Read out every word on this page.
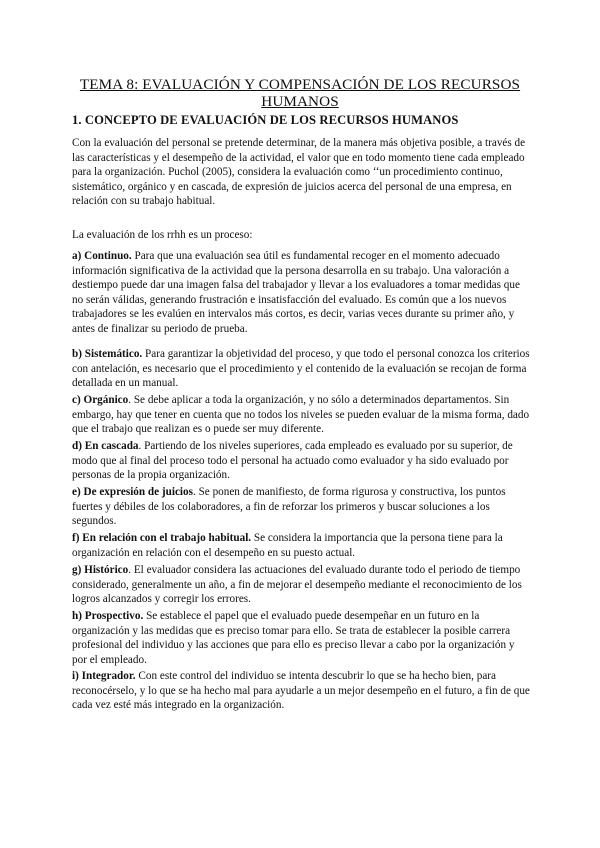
TEMA 8: EVALUACIÓN Y COMPENSACIÓN DE LOS RECURSOS HUMANOS
1. CONCEPTO DE EVALUACIÓN DE LOS RECURSOS HUMANOS

Con la evaluación del personal se pretende determinar, de la manera más objetiva posible, a través de las características y el desempeño de la actividad, el valor que en todo momento tiene cada empleado para la organización. Puchol (2005), considera la evaluación como ‘‘un procedimiento continuo, sistemático, orgánico y en cascada, de expresión de juicios acerca del personal de una empresa, en relación con su trabajo habitual.

La evaluación de los rrhh es un proceso:

a) Continuo. Para que una evaluación sea útil es fundamental recoger en el momento adecuado información significativa de la actividad que la persona desarrolla en su trabajo. Una valoración a destiempo puede dar una imagen falsa del trabajador y llevar a los evaluadores a tomar medidas que no serán válidas, generando frustración e insatisfacción del evaluado. Es común que a los nuevos trabajadores se les evalúen en intervalos más cortos, es decir, varias veces durante su primer año, y antes de finalizar su periodo de prueba.

b) Sistemático. Para garantizar la objetividad del proceso, y que todo el personal conozca los criterios con antelación, es necesario que el procedimiento y el contenido de la evaluación se recojan de forma detallada en un manual.

c) Orgánico. Se debe aplicar a toda la organización, y no sólo a determinados departamentos. Sin embargo, hay que tener en cuenta que no todos los niveles se pueden evaluar de la misma forma, dado que el trabajo que realizan es o puede ser muy diferente.

d) En cascada. Partiendo de los niveles superiores, cada empleado es evaluado por su superior, de modo que al final del proceso todo el personal ha actuado como evaluador y ha sido evaluado por personas de la propia organización.

e) De expresión de juicios. Se ponen de manifiesto, de forma rigurosa y constructiva, los puntos fuertes y débiles de los colaboradores, a fin de reforzar los primeros y buscar soluciones a los segundos.

f) En relación con el trabajo habitual. Se considera la importancia que la persona tiene para la organización en relación con el desempeño en su puesto actual.

g) Histórico. El evaluador considera las actuaciones del evaluado durante todo el periodo de tiempo considerado, generalmente un año, a fin de mejorar el desempeño mediante el reconocimiento de los logros alcanzados y corregir los errores.

h) Prospectivo. Se establece el papel que el evaluado puede desempeñar en un futuro en la organización y las medidas que es preciso tomar para ello. Se trata de establecer la posible carrera profesional del individuo y las acciones que para ello es preciso llevar a cabo por la organización y por el empleado.

i) Integrador. Con este control del individuo se intenta descubrir lo que se ha hecho bien, para reconocérselo, y lo que se ha hecho mal para ayudarle a un mejor desempeño en el futuro, a fin de que cada vez esté más integrado en la organización.
